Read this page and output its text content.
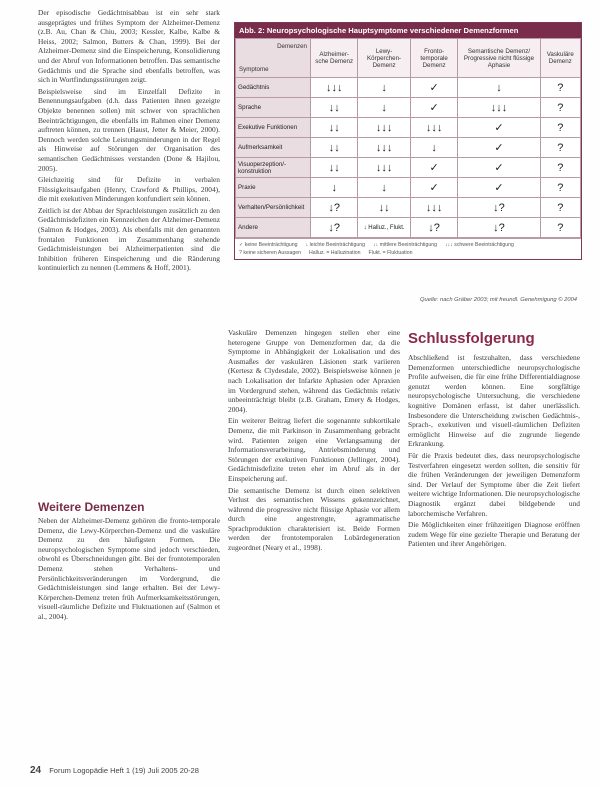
Der episodische Gedächtnisabbau ist ein sehr stark ausgeprägtes und frühes Symptom der Alzheimer-Demenz (z.B. Au, Chan & Chiu, 2003; Kessler, Kalbe, Kalbe & Heiss, 2002; Salmon, Butters & Chan, 1999). Bei der Alzheimer-Demenz sind die Einspeicherung, Konsolidierung und der Abruf von Informationen betroffen. Das semantische Gedächtnis und die Sprache sind ebenfalls betroffen, was sich in Wortfindungsstörungen zeigt.

Beispielsweise sind im Einzelfall Defizite in Benennungsaufgaben (d.h. dass Patienten ihnen gezeigte Objekte benennen sollen) mit schwer von sprachlichen Beeinträchtigungen, die ebenfalls im Rahmen einer Demenz auftreten können, zu trennen (Haust, Jetter & Meier, 2000). Dennoch werden solche Leistungsminderungen in der Regel als Hinweise auf Störungen der Organisation des semantischen Gedächtnisses verstanden (Done & Hajilou, 2005).

Gleichzeitig sind für Defizite in verbalen Flüssigkeitsaufgaben (Henry, Crawford & Phillips, 2004), die mit exekutiven Minderungen konfundiert sein können.

Zeitlich ist der Abbau der Sprachleistungen zusätzlich zu den Gedächtnisdefiziten ein Kennzeichen der Alzheimer-Demenz (Salmon & Hodges, 2003). Als ebenfalls mit den genannten frontalen Funktionen im Zusammenhang stehende Gedächtnisleistungen bei Alzheimerpatienten sind die Inhibition früheren Einspeicherung und die Ränderung kontinuierlich zu nennen (Lemmens & Hoff, 2001).

Weitere Demenzen

Neben der Alzheimer-Demenz gehören die fronto-temporale Demenz, die Lewy-Körperchen-Demenz und die vaskuläre Demenz zu den häufigsten Formen. Die neuropsychologischen Symptome sind jedoch verschieden, obwohl es Überschneidungen gibt. Bei der frontotemporalen Demenz stehen Verhaltens- und Persönlichkeitsveränderungen im Vordergrund, die Gedächtnisleistungen sind lange erhalten. Bei der Lewy-Körperchen-Demenz treten früh Aufmerksamkeitsstörungen, visuell-räumliche Defizite und Fluktuationen auf (Salmon et al., 2004).

Abb. 2: Neuropsychologische Hauptsymptome verschiedener Demenzformen
Demenzen
Symptome	Alzheimer-sche Demenz	Lewy-Körperchen-Demenz	Fronto-temporale Demenz	Semantische Demenz/ Progressive nicht flüssige Aphasie	Vaskuläre Demenz
Gedächtnis	↓↓↓	↓	✓	↓	?
Sprache	↓↓	↓	✓	↓↓↓	?
Exekutive Funktionen	↓↓	↓↓↓	↓↓↓	✓	?
Aufmerksamkeit	↓↓	↓↓↓	↓	✓	?
Visuoperzeption/-konstruktion	↓↓	↓↓↓	✓	✓	?
Praxie	↓	↓	✓	✓	?
Verhalten/Persönlichkeit	↓?	↓↓	↓↓↓	↓?	?
Andere	↓?	↓ Halluz., Flukt.	↓?	↓?	?
✓ keine Beeinträchtigung ↓ leichte Beeinträchtigung ↓↓ mittlere Beeinträchtigung ↓↓↓ schwere Beeinträchtigung
? keine sicheren Aussagen Halluz. = Halluzination Flukt. = Fluktuation
Quelle: nach Gräber 2003; mit freundl. Genehmigung © 2004

Vaskuläre Demenzen hingegen stellen eher eine heterogene Gruppe von Demenzformen dar, da die Symptome in Abhängigkeit der Lokalisation und des Ausmaßes der vaskulären Läsionen stark variieren (Kertesz & Clydesdale, 2002). Beispielsweise können je nach Lokalisation der Infarkte Aphasien oder Apraxien im Vordergrund stehen, während das Gedächtnis relativ unbeeinträchtigt bleibt (z.B. Graham, Emery & Hodges, 2004).

Ein weiterer Beitrag liefert die sogenannte subkortikale Demenz, die mit Parkinson in Zusammenhang gebracht wird. Patienten zeigen eine Verlangsamung der Informationsverarbeitung, Antriebsminderung und Störungen der exekutiven Funktionen (Jellinger, 2004). Gedächtnisdefizite treten eher im Abruf als in der Einspeicherung auf.

Die semantische Demenz ist durch einen selektiven Verlust des semantischen Wissens gekennzeichnet, während die progressive nicht flüssige Aphasie vor allem durch eine angestrengte, agrammatische Sprachproduktion charakterisiert ist. Beide Formen werden der frontotemporalen Lobärdegeneration zugeordnet (Neary et al., 1998).

Schlussfolgerung

Abschließend ist festzuhalten, dass verschiedene Demenzformen unterschiedliche neuropsychologische Profile aufweisen, die für eine frühe Differentialdiagnose genutzt werden können. Eine sorgfältige neuropsychologische Untersuchung, die verschiedene kognitive Domänen erfasst, ist daher unerlässlich. Insbesondere die Unterscheidung zwischen Gedächtnis-, Sprach-, exekutiven und visuell-räumlichen Defiziten ermöglicht Hinweise auf die zugrunde liegende Erkrankung.

Für die Praxis bedeutet dies, dass neuropsychologische Testverfahren eingesetzt werden sollten, die sensitiv für die frühen Veränderungen der jeweiligen Demenzform sind. Der Verlauf der Symptome über die Zeit liefert weitere wichtige Informationen. Die neuropsychologische Diagnostik ergänzt dabei bildgebende und laborchemische Verfahren.

Die Möglichkeiten einer frühzeitigen Diagnose eröffnen zudem Wege für eine gezielte Therapie und Beratung der Patienten und ihrer Angehörigen.

24 Forum Logopädie Heft 1 (19) Juli 2005 20-28
